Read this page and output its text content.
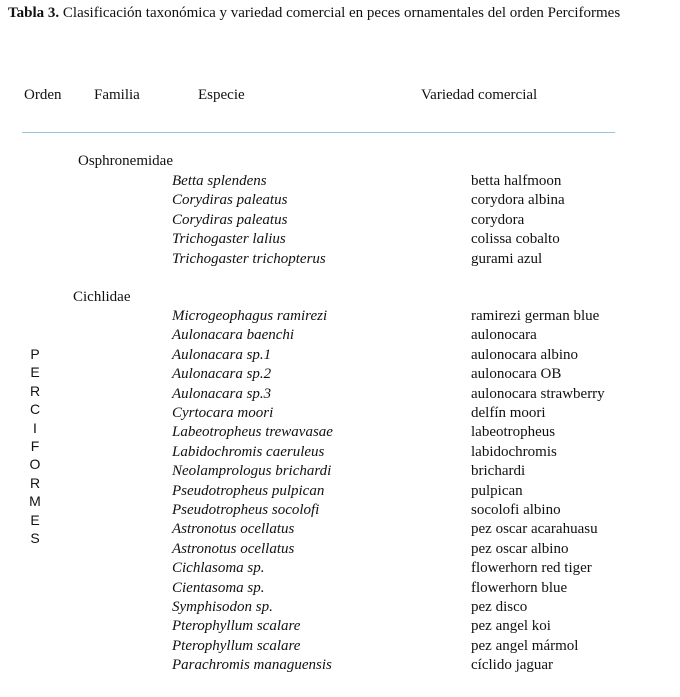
Tabla 3. Clasificación taxonómica y variedad comercial en peces ornamentales del orden Perciformes
Orden Familia	Especie	Variedad comercial
P
E
R
C
I
F
O
R
M
E
S
Osphronemidae
Betta splendens	betta halfmoon
Corydiras paleatus	corydora albina
Corydiras paleatus	corydora
Trichogaster lalius	colissa cobalto
Trichogaster trichopterus	gurami azul
Cichlidae
Microgeophagus ramirezi	ramirezi german blue
Aulonacara baenchi	aulonocara
Aulonacara sp.1	aulonocara albino
Aulonacara sp.2	aulonocara OB
Aulonacara sp.3	aulonocara strawberry
Cyrtocara moori	delfín moori
Labeotropheus trewavasae	labeotropheus
Labidochromis caeruleus	labidochromis
Neolamprologus brichardi	brichardi
Pseudotropheus pulpican	pulpican
Pseudotropheus socolofi	socolofi albino
Astronotus ocellatus	pez oscar acarahuasu
Astronotus ocellatus	pez oscar albino
Cichlasoma sp.	flowerhorn red tiger
Cientasoma sp.	flowerhorn blue
Symphisodon sp.	pez disco
Pterophyllum scalare	pez angel koi
Pterophyllum scalare	pez angel mármol
Parachromis managuensis	cíclido jaguar
